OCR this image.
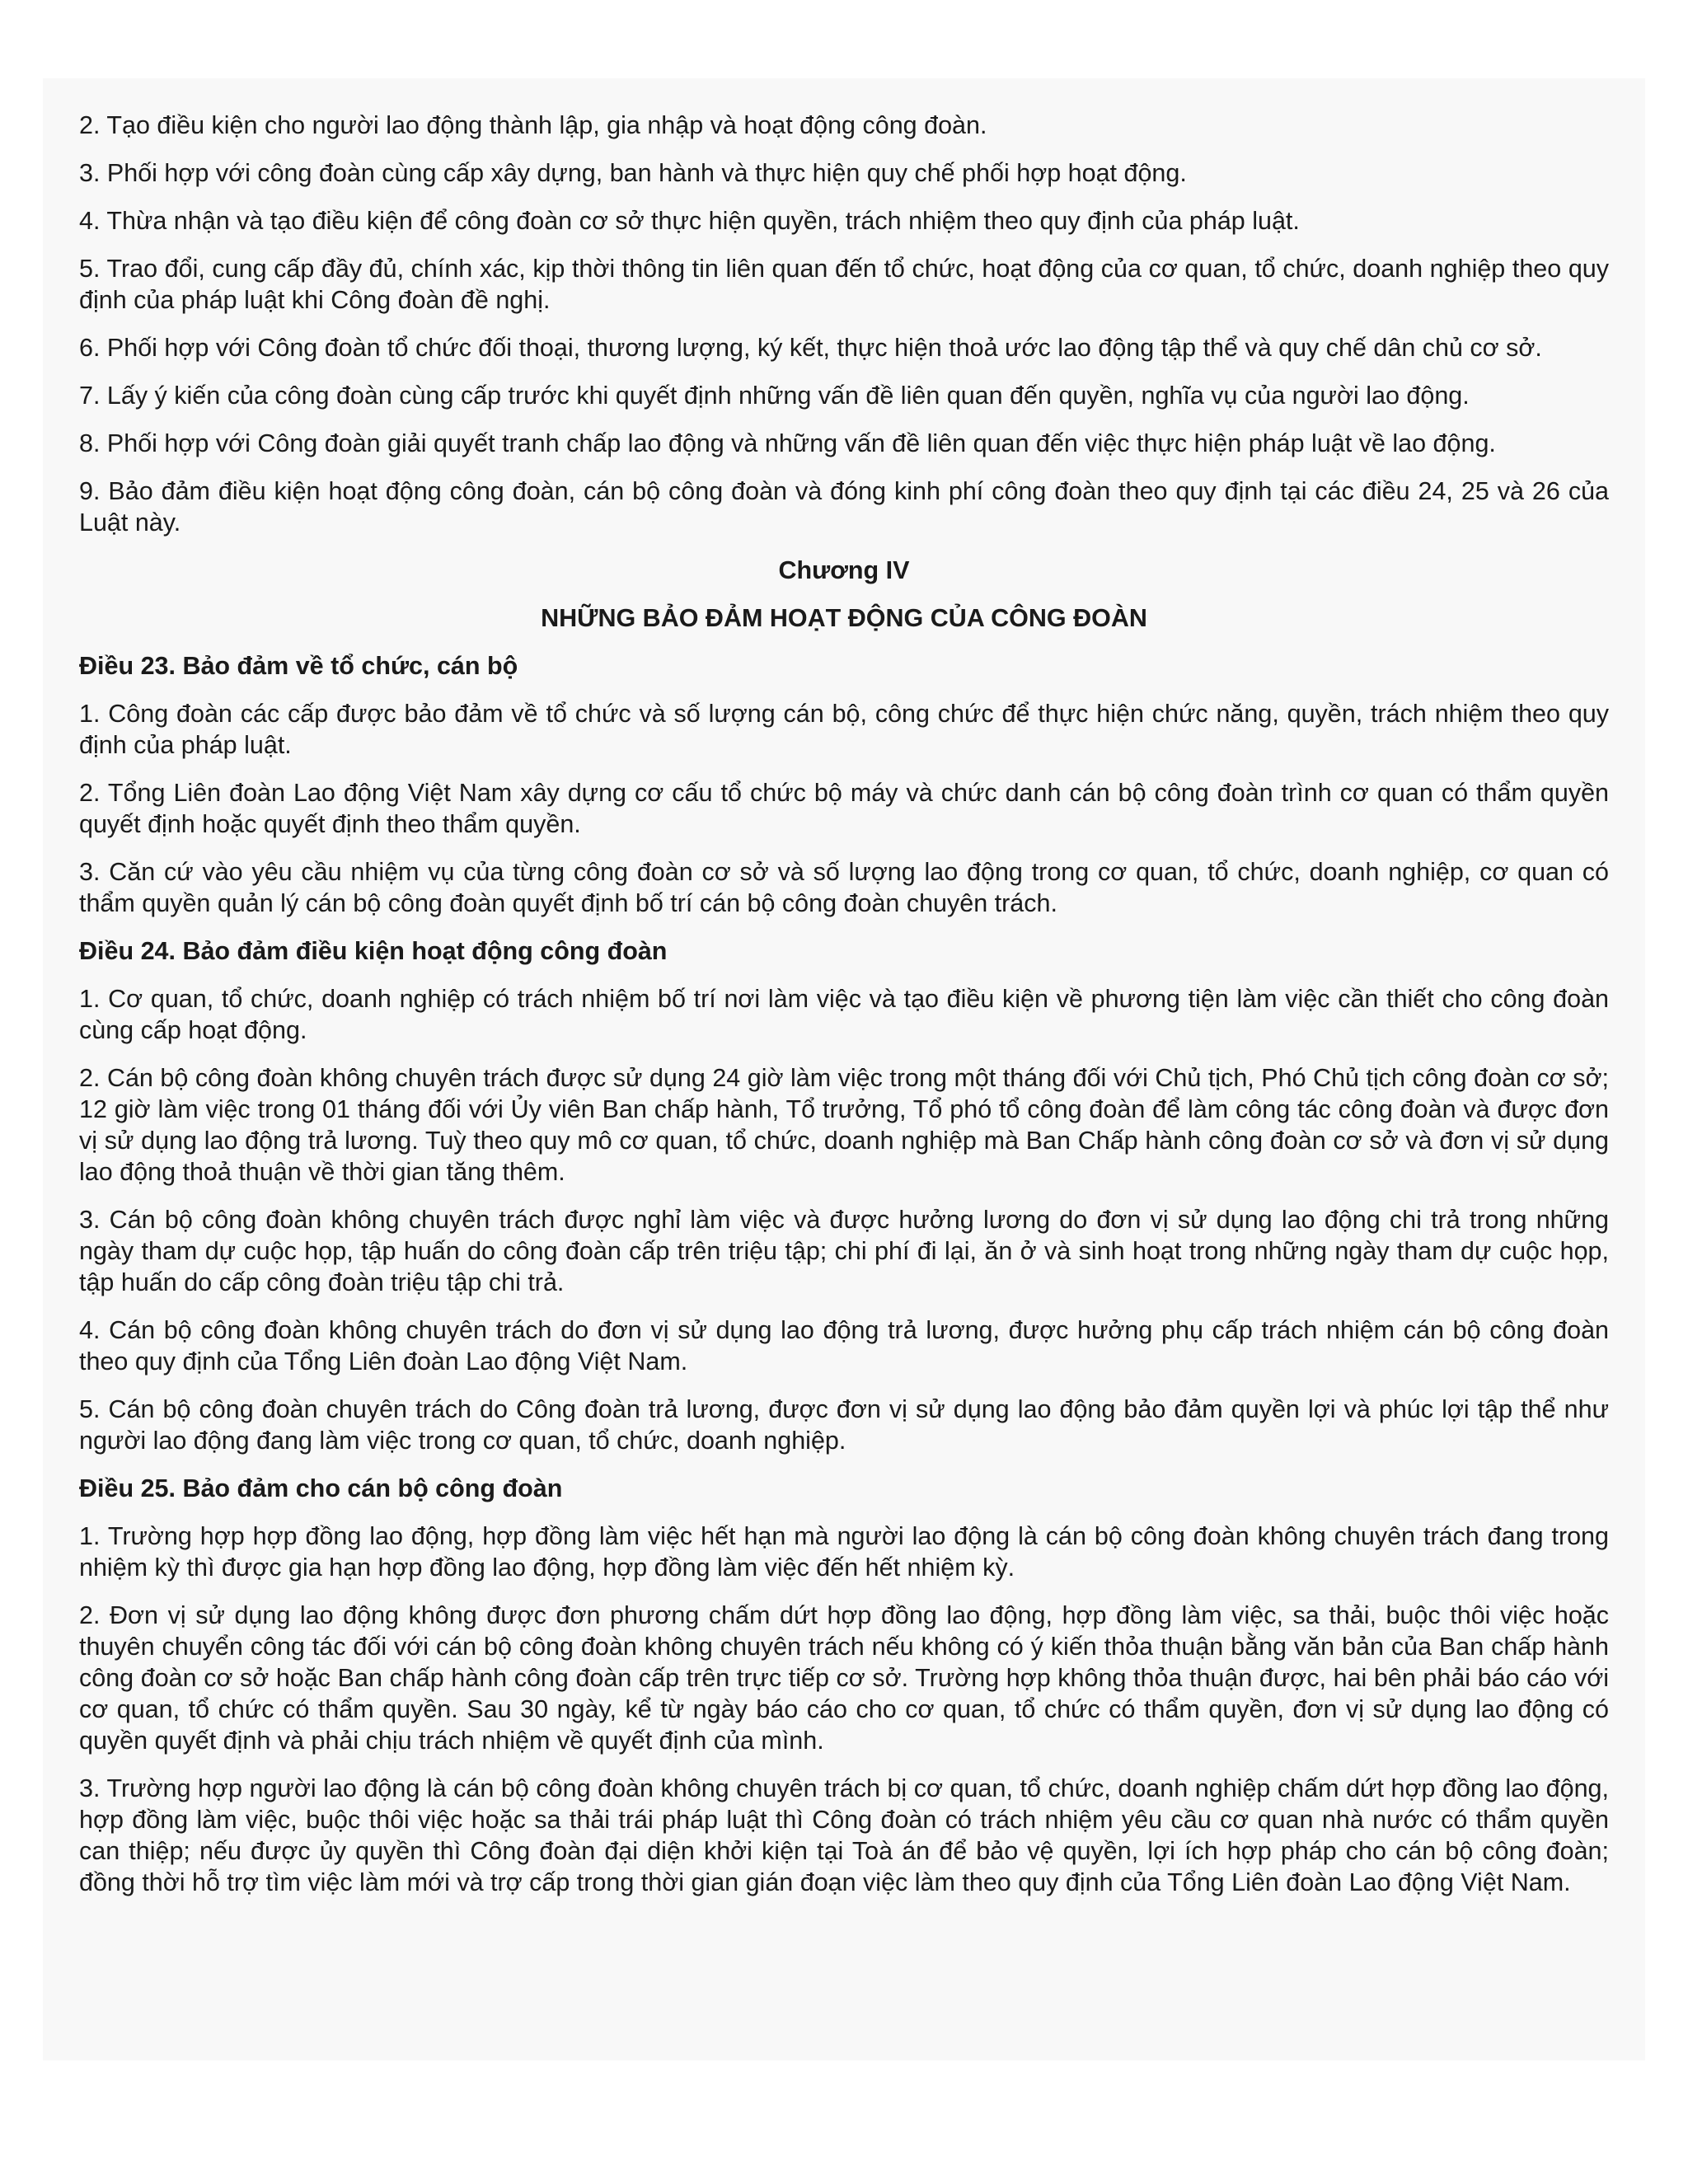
2. Tạo điều kiện cho người lao động thành lập, gia nhập và hoạt động công đoàn.

3. Phối hợp với công đoàn cùng cấp xây dựng, ban hành và thực hiện quy chế phối hợp hoạt động.

4. Thừa nhận và tạo điều kiện để công đoàn cơ sở thực hiện quyền, trách nhiệm theo quy định của pháp luật.

5. Trao đổi, cung cấp đầy đủ, chính xác, kịp thời thông tin liên quan đến tổ chức, hoạt động của cơ quan, tổ chức, doanh nghiệp theo quy định của pháp luật khi Công đoàn đề nghị.

6. Phối hợp với Công đoàn tổ chức đối thoại, thương lượng, ký kết, thực hiện thoả ước lao động tập thể và quy chế dân chủ cơ sở.

7. Lấy ý kiến của công đoàn cùng cấp trước khi quyết định những vấn đề liên quan đến quyền, nghĩa vụ của người lao động.

8. Phối hợp với Công đoàn giải quyết tranh chấp lao động và những vấn đề liên quan đến việc thực hiện pháp luật về lao động.

9. Bảo đảm điều kiện hoạt động công đoàn, cán bộ công đoàn và đóng kinh phí công đoàn theo quy định tại các điều 24, 25 và 26 của Luật này.

Chương IV
NHỮNG BẢO ĐẢM HOẠT ĐỘNG CỦA CÔNG ĐOÀN
Điều 23. Bảo đảm về tổ chức, cán bộ

1. Công đoàn các cấp được bảo đảm về tổ chức và số lượng cán bộ, công chức để thực hiện chức năng, quyền, trách nhiệm theo quy định của pháp luật.

2. Tổng Liên đoàn Lao động Việt Nam xây dựng cơ cấu tổ chức bộ máy và chức danh cán bộ công đoàn trình cơ quan có thẩm quyền quyết định hoặc quyết định theo thẩm quyền.

3. Căn cứ vào yêu cầu nhiệm vụ của từng công đoàn cơ sở và số lượng lao động trong cơ quan, tổ chức, doanh nghiệp, cơ quan có thẩm quyền quản lý cán bộ công đoàn quyết định bố trí cán bộ công đoàn chuyên trách.

Điều 24. Bảo đảm điều kiện hoạt động công đoàn

1. Cơ quan, tổ chức, doanh nghiệp có trách nhiệm bố trí nơi làm việc và tạo điều kiện về phương tiện làm việc cần thiết cho công đoàn cùng cấp hoạt động.

2. Cán bộ công đoàn không chuyên trách được sử dụng 24 giờ làm việc trong một tháng đối với Chủ tịch, Phó Chủ tịch công đoàn cơ sở; 12 giờ làm việc trong 01 tháng đối với Ủy viên Ban chấp hành, Tổ trưởng, Tổ phó tổ công đoàn để làm công tác công đoàn và được đơn vị sử dụng lao động trả lương. Tuỳ theo quy mô cơ quan, tổ chức, doanh nghiệp mà Ban Chấp hành công đoàn cơ sở và đơn vị sử dụng lao động thoả thuận về thời gian tăng thêm.

3. Cán bộ công đoàn không chuyên trách được nghỉ làm việc và được hưởng lương do đơn vị sử dụng lao động chi trả trong những ngày tham dự cuộc họp, tập huấn do công đoàn cấp trên triệu tập; chi phí đi lại, ăn ở và sinh hoạt trong những ngày tham dự cuộc họp, tập huấn do cấp công đoàn triệu tập chi trả.

4. Cán bộ công đoàn không chuyên trách do đơn vị sử dụng lao động trả lương, được hưởng phụ cấp trách nhiệm cán bộ công đoàn theo quy định của Tổng Liên đoàn Lao động Việt Nam.

5. Cán bộ công đoàn chuyên trách do Công đoàn trả lương, được đơn vị sử dụng lao động bảo đảm quyền lợi và phúc lợi tập thể như người lao động đang làm việc trong cơ quan, tổ chức, doanh nghiệp.

Điều 25. Bảo đảm cho cán bộ công đoàn

1. Trường hợp hợp đồng lao động, hợp đồng làm việc hết hạn mà người lao động là cán bộ công đoàn không chuyên trách đang trong nhiệm kỳ thì được gia hạn hợp đồng lao động, hợp đồng làm việc đến hết nhiệm kỳ.

2. Đơn vị sử dụng lao động không được đơn phương chấm dứt hợp đồng lao động, hợp đồng làm việc, sa thải, buộc thôi việc hoặc thuyên chuyển công tác đối với cán bộ công đoàn không chuyên trách nếu không có ý kiến thỏa thuận bằng văn bản của Ban chấp hành công đoàn cơ sở hoặc Ban chấp hành công đoàn cấp trên trực tiếp cơ sở. Trường hợp không thỏa thuận được, hai bên phải báo cáo với cơ quan, tổ chức có thẩm quyền. Sau 30 ngày, kể từ ngày báo cáo cho cơ quan, tổ chức có thẩm quyền, đơn vị sử dụng lao động có quyền quyết định và phải chịu trách nhiệm về quyết định của mình.

3. Trường hợp người lao động là cán bộ công đoàn không chuyên trách bị cơ quan, tổ chức, doanh nghiệp chấm dứt hợp đồng lao động, hợp đồng làm việc, buộc thôi việc hoặc sa thải trái pháp luật thì Công đoàn có trách nhiệm yêu cầu cơ quan nhà nước có thẩm quyền can thiệp; nếu được ủy quyền thì Công đoàn đại diện khởi kiện tại Toà án để bảo vệ quyền, lợi ích hợp pháp cho cán bộ công đoàn; đồng thời hỗ trợ tìm việc làm mới và trợ cấp trong thời gian gián đoạn việc làm theo quy định của Tổng Liên đoàn Lao động Việt Nam.
